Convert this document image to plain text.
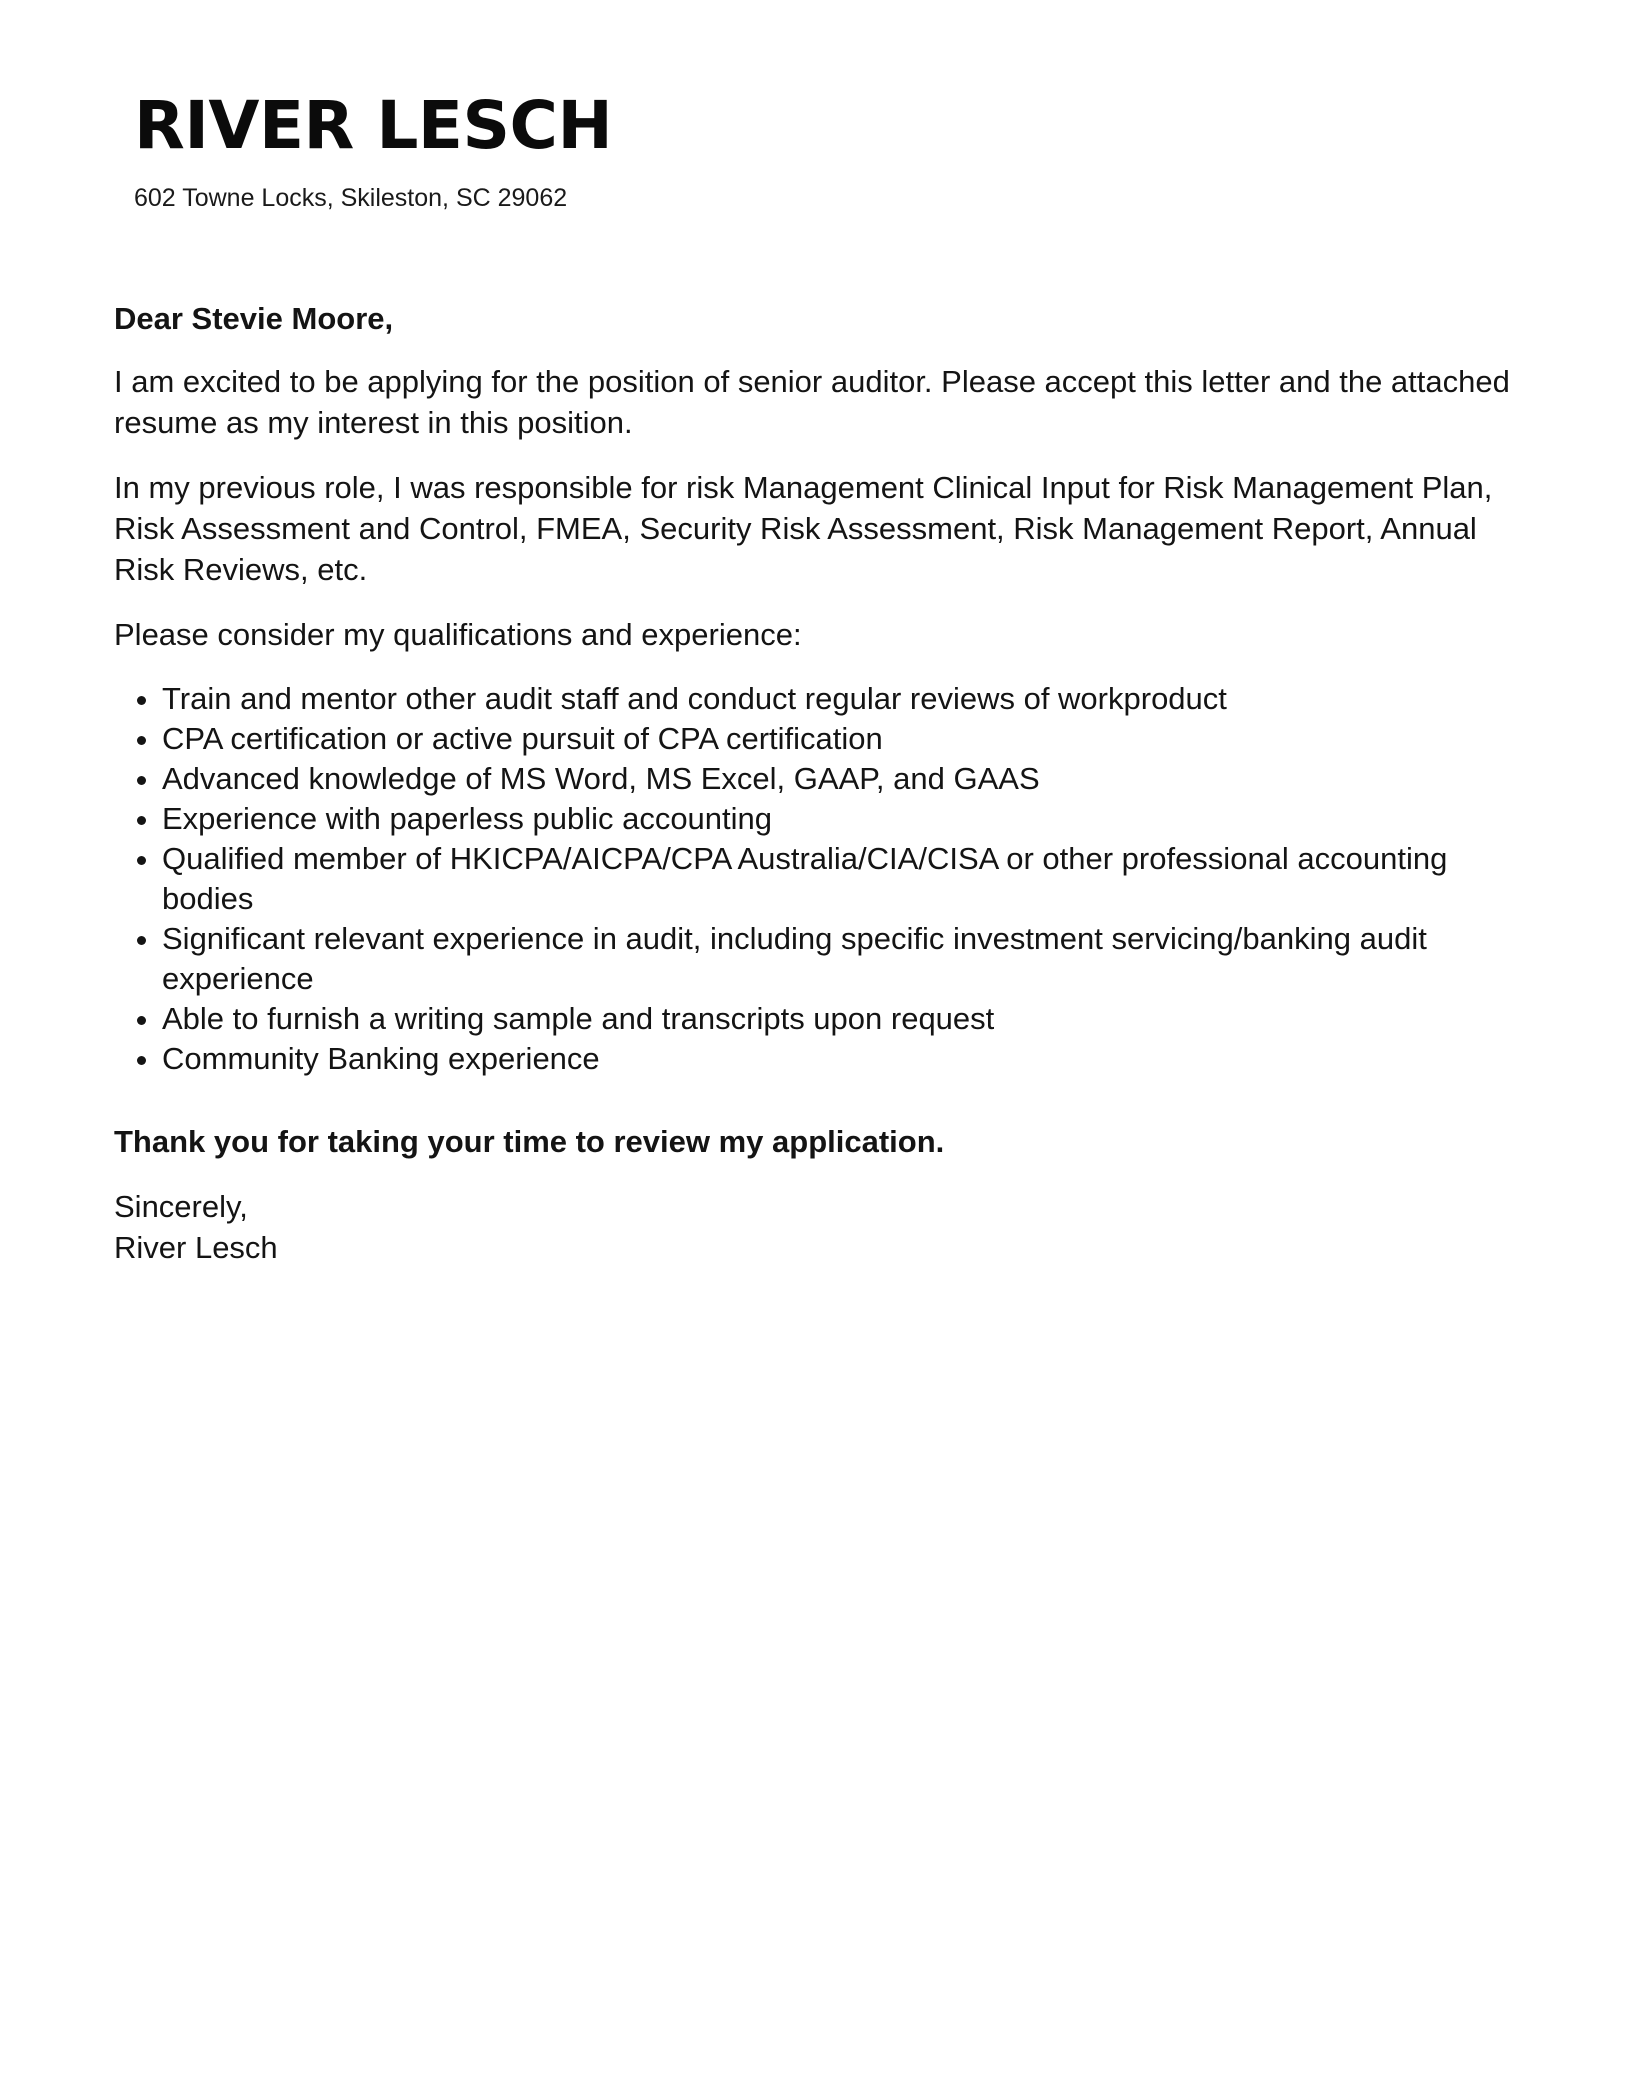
RIVER LESCH
602 Towne Locks, Skileston, SC 29062

Dear Stevie Moore,

I am excited to be applying for the position of senior auditor. Please accept this letter and the attached resume as my interest in this position.

In my previous role, I was responsible for risk Management Clinical Input for Risk Management Plan, Risk Assessment and Control, FMEA, Security Risk Assessment, Risk Management Report, Annual Risk Reviews, etc.

Please consider my qualifications and experience:

• Train and mentor other audit staff and conduct regular reviews of workproduct
• CPA certification or active pursuit of CPA certification
• Advanced knowledge of MS Word, MS Excel, GAAP, and GAAS
• Experience with paperless public accounting
• Qualified member of HKICPA/AICPA/CPA Australia/CIA/CISA or other professional accounting bodies
• Significant relevant experience in audit, including specific investment servicing/banking audit experience
• Able to furnish a writing sample and transcripts upon request
• Community Banking experience

Thank you for taking your time to review my application.

Sincerely,
River Lesch
